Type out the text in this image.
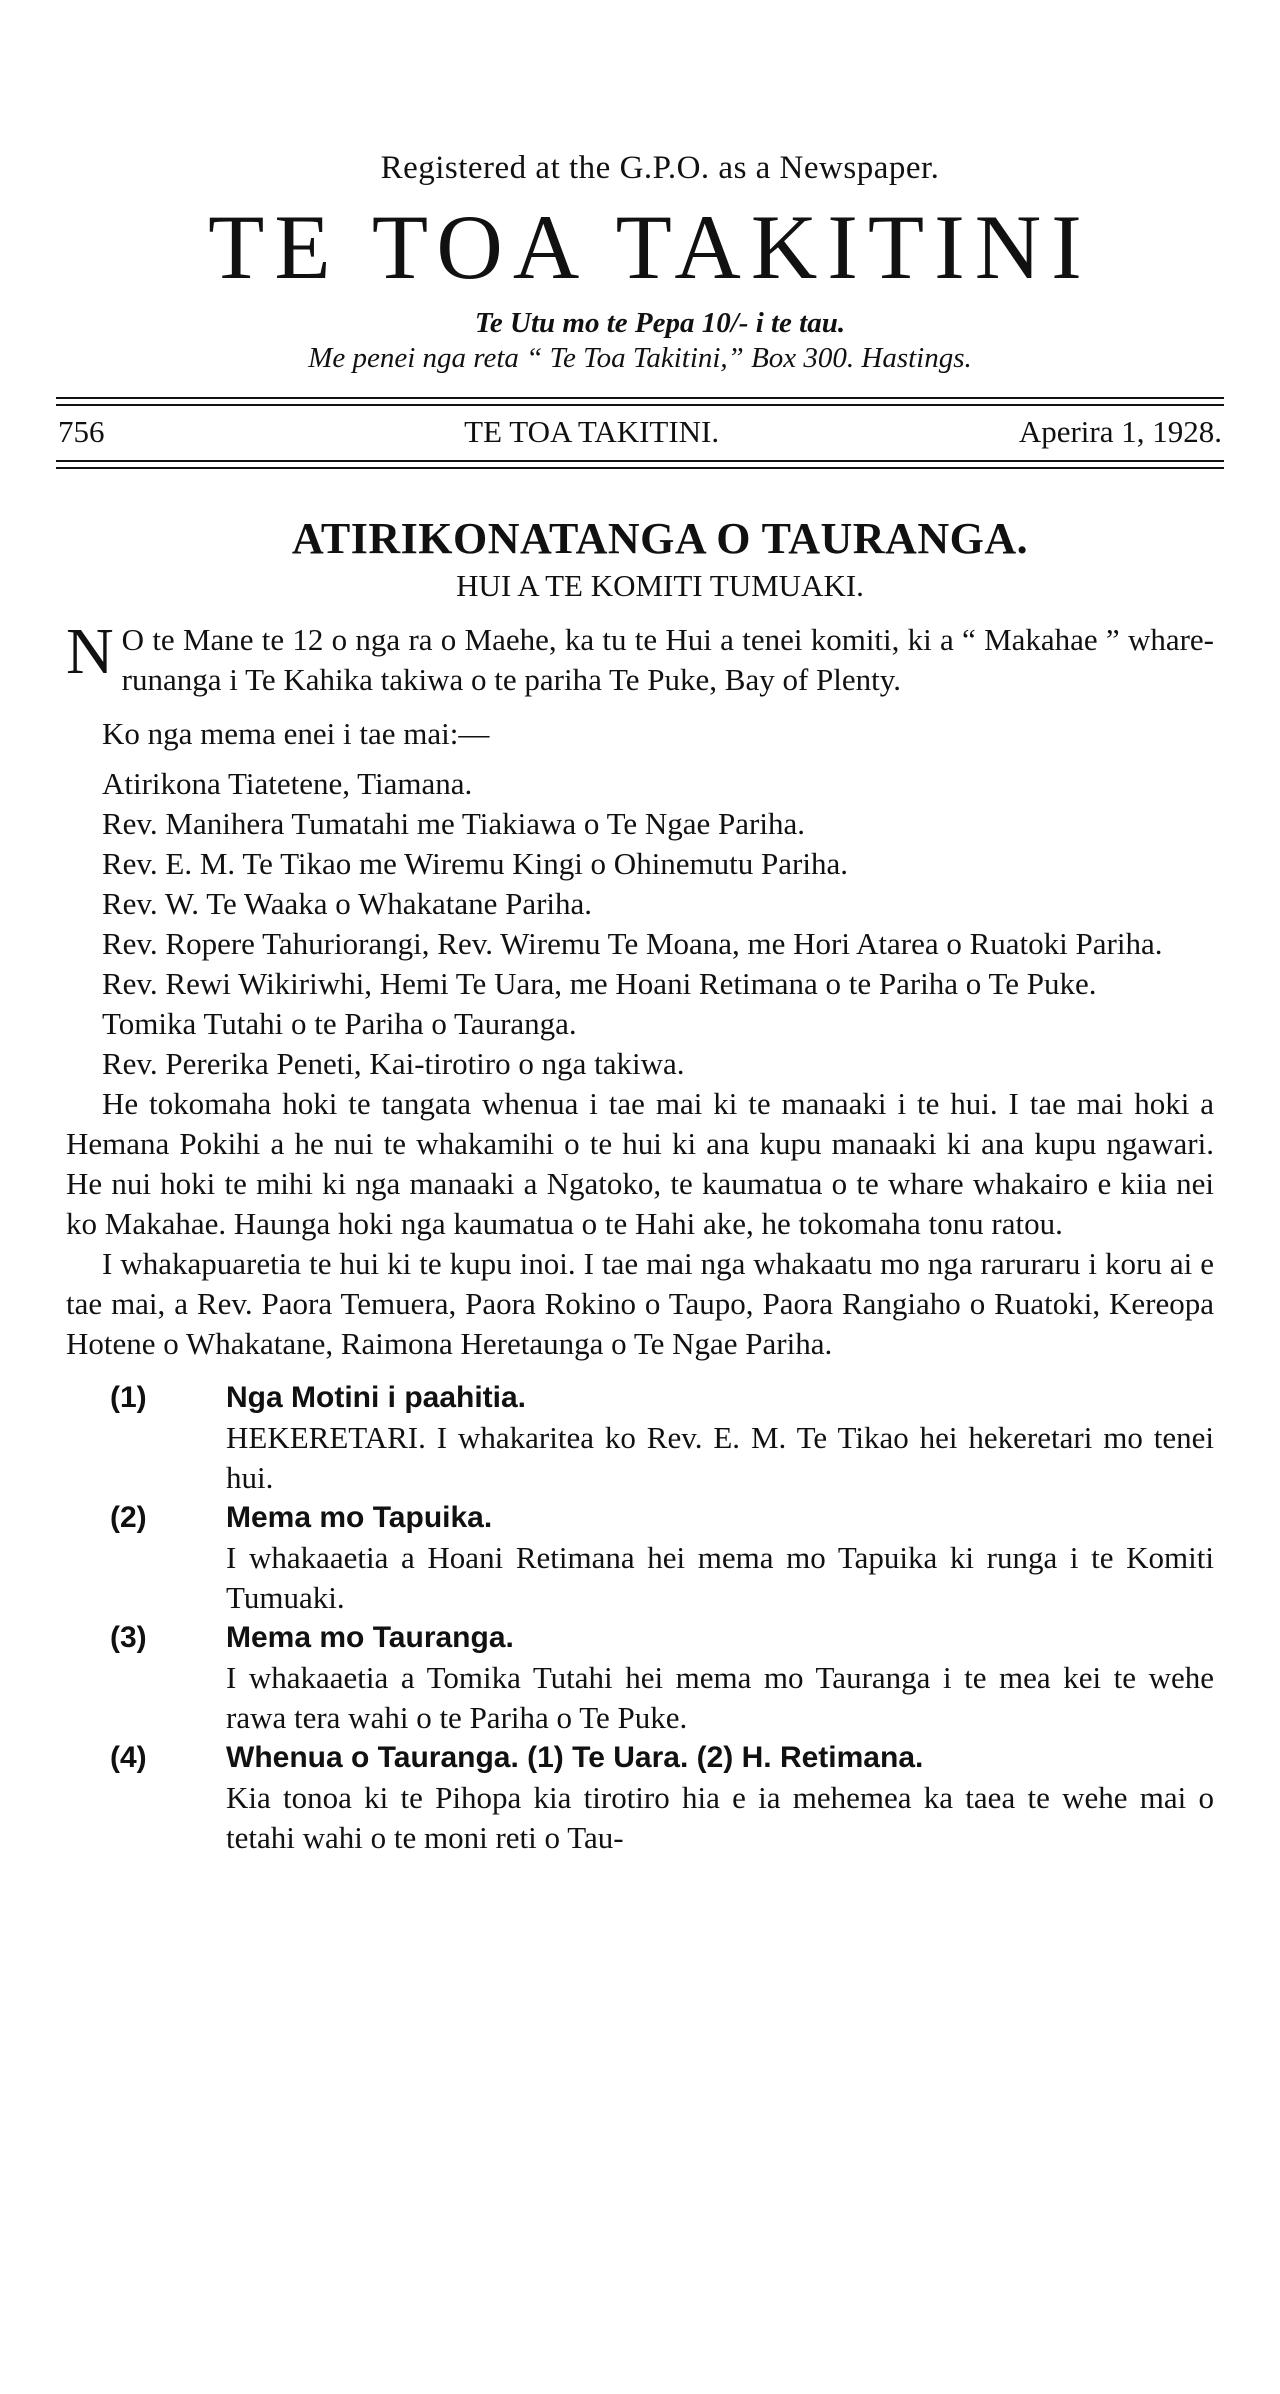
Registered at the G.P.O. as a Newspaper.
TE TOA TAKITINI
Te Utu mo te Pepa 10/- i te tau.
Me penei nga reta “ Te Toa Takitini,” Box 300. Hastings.
756	TE TOA TAKITINI.	Aperira 1, 1928.
ATIRIKONATANGA O TAURANGA.
HUI A TE KOMITI TUMUAKI.
N O te Mane te 12 o nga ra o Maehe, ka tu te Hui a tenei komiti, ki a “ Makahae ” whare-runanga i Te Kahika takiwa o te pariha Te Puke, Bay of Plenty.
Ko nga mema enei i tae mai:—
Atirikona Tiatetene, Tiamana.
Rev. Manihera Tumatahi me Tiakiawa o Te Ngae Pariha.
Rev. E. M. Te Tikao me Wiremu Kingi o Ohinemutu Pariha.
Rev. W. Te Waaka o Whakatane Pariha.
Rev. Ropere Tahuriorangi, Rev. Wiremu Te Moana, me Hori Atarea o Ruatoki Pariha.
Rev. Rewi Wikiriwhi, Hemi Te Uara, me Hoani Retimana o te Pariha o Te Puke.
Tomika Tutahi o te Pariha o Tauranga.
Rev. Pererika Peneti, Kai-tirotiro o nga takiwa.
He tokomaha hoki te tangata whenua i tae mai ki te manaaki i te hui. I tae mai hoki a Hemana Pokihi a he nui te whakamihi o te hui ki ana kupu manaaki ki ana kupu ngawari. He nui hoki te mihi ki nga manaaki a Ngatoko, te kaumatua o te whare whakairo e kiia nei ko Makahae. Haunga hoki nga kaumatua o te Hahi ake, he tokomaha tonu ratou.
I whakapuaretia te hui ki te kupu inoi. I tae mai nga whakaatu mo nga raruraru i koru ai e tae mai, a Rev. Paora Temuera, Paora Rokino o Taupo, Paora Rangiaho o Ruatoki, Kereopa Hotene o Whakatane, Raimona Heretaunga o Te Ngae Pariha.
(1)	Nga Motini i paahitia.
HEKERETARI. I whakaritea ko Rev. E. M. Te Tikao hei hekeretari mo tenei hui.
(2)	Mema mo Tapuika.
I whakaaetia a Hoani Retimana hei mema mo Tapuika ki runga i te Komiti Tumuaki.
(3)	Mema mo Tauranga.
I whakaaetia a Tomika Tutahi hei mema mo Tauranga i te mea kei te wehe rawa tera wahi o te Pariha o Te Puke.
(4)	Whenua o Tauranga. (1) Te Uara. (2) H. Retimana.
Kia tonoa ki te Pihopa kia tirotiro hia e ia mehemea ka taea te wehe mai o tetahi wahi o te moni reti o Tau-
